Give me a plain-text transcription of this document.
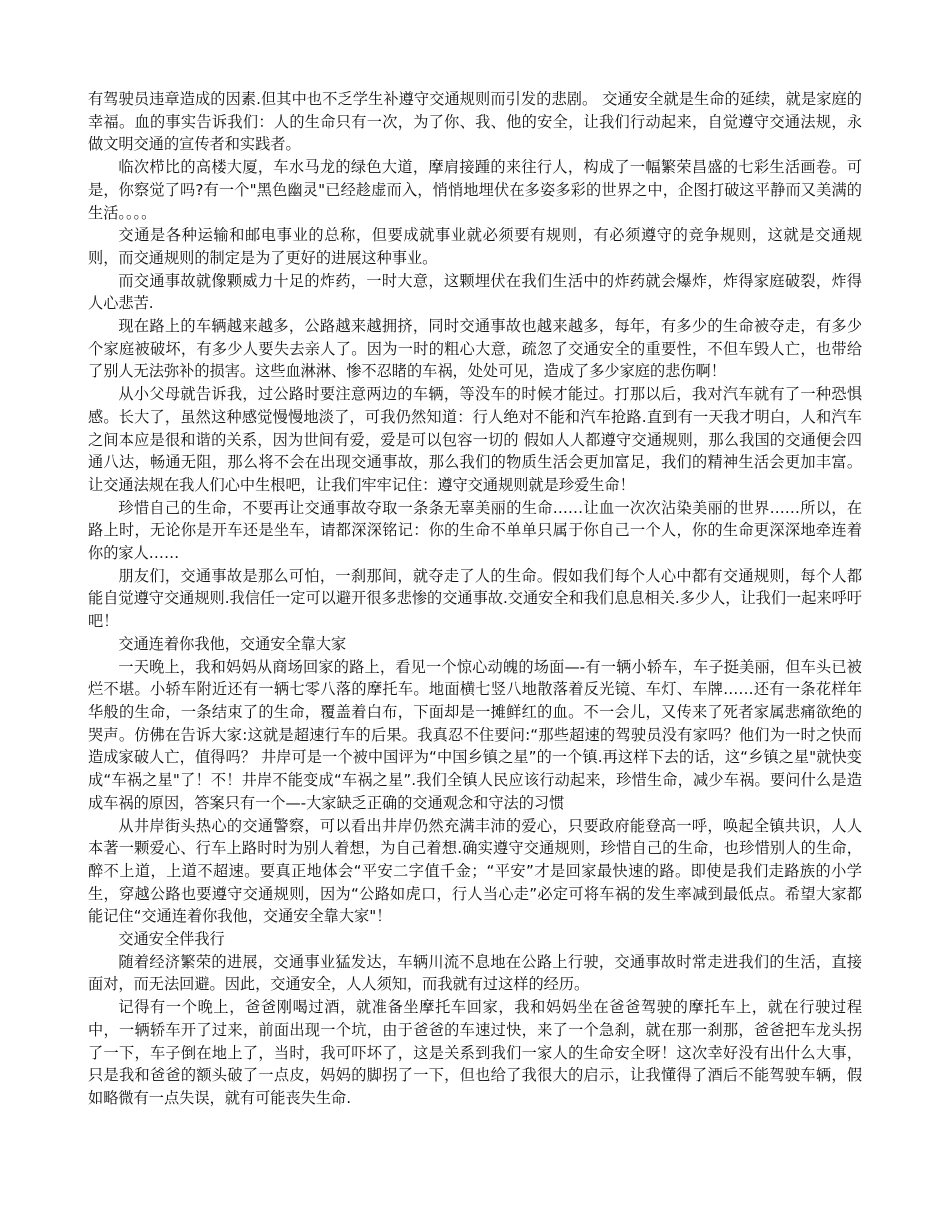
有驾驶员违章造成的因素.但其中也不乏学生补遵守交通规则而引发的悲剧。 交通安全就是生命的延续，就是家庭的幸福。血的事实告诉我们：人的生命只有一次，为了你、我、他的安全，让我们行动起来，自觉遵守交通法规，永做文明交通的宣传者和实践者。

临次栉比的高楼大厦，车水马龙的绿色大道，摩肩接踵的来往行人，构成了一幅繁荣昌盛的七彩生活画卷。可是，你察觉了吗?有一个"黑色幽灵"已经趁虚而入，悄悄地埋伏在多姿多彩的世界之中，企图打破这平静而又美满的生活。。。。

交通是各种运输和邮电事业的总称，但要成就事业就必须要有规则，有必须遵守的竞争规则，这就是交通规则，而交通规则的制定是为了更好的进展这种事业。

而交通事故就像颗威力十足的炸药，一时大意，这颗埋伏在我们生活中的炸药就会爆炸，炸得家庭破裂，炸得人心悲苦.

现在路上的车辆越来越多，公路越来越拥挤，同时交通事故也越来越多，每年，有多少的生命被夺走，有多少个家庭被破坏，有多少人要失去亲人了。因为一时的粗心大意，疏忽了交通安全的重要性，不但车毁人亡，也带给了别人无法弥补的损害。这些血淋淋、惨不忍睹的车祸，处处可见，造成了多少家庭的悲伤啊！

从小父母就告诉我，过公路时要注意两边的车辆，等没车的时候才能过。打那以后，我对汽车就有了一种恐惧感。长大了，虽然这种感觉慢慢地淡了，可我仍然知道：行人绝对不能和汽车抢路.直到有一天我才明白，人和汽车之间本应是很和谐的关系，因为世间有爱，爱是可以包容一切的 假如人人都遵守交通规则，那么我国的交通便会四通八达，畅通无阻，那么将不会在出现交通事故，那么我们的物质生活会更加富足，我们的精神生活会更加丰富。让交通法规在我人们心中生根吧，让我们牢牢记住：遵守交通规则就是珍爱生命！

珍惜自己的生命，不要再让交通事故夺取一条条无辜美丽的生命……让血一次次沾染美丽的世界……所以，在路上时，无论你是开车还是坐车，请都深深铭记：你的生命不单单只属于你自己一个人，你的生命更深深地牵连着你的家人……

朋友们，交通事故是那么可怕，一刹那间，就夺走了人的生命。假如我们每个人心中都有交通规则，每个人都能自觉遵守交通规则.我信任一定可以避开很多悲惨的交通事故.交通安全和我们息息相关.多少人，让我们一起来呼吁吧！

交通连着你我他，交通安全靠大家

一天晚上，我和妈妈从商场回家的路上，看见一个惊心动魄的场面—-有一辆小轿车，车子挺美丽，但车头已被烂不堪。小轿车附近还有一辆七零八落的摩托车。地面横七竖八地散落着反光镜、车灯、车牌……还有一条花样年华般的生命，一条结束了的生命，覆盖着白布，下面却是一摊鲜红的血。不一会儿，又传来了死者家属悲痛欲绝的哭声。仿佛在告诉大家:这就是超速行车的后果。我真忍不住要问:“那些超速的驾驶员没有家吗？他们为一时之快而造成家破人亡，值得吗？ 井岸可是一个被中国评为“中国乡镇之星”的一个镇.再这样下去的话，这“乡镇之星"就快变成“车祸之星"了！不！井岸不能变成“车祸之星”.我们全镇人民应该行动起来，珍惜生命，减少车祸。要问什么是造成车祸的原因，答案只有一个—-大家缺乏正确的交通观念和守法的习惯

从井岸街头热心的交通警察，可以看出井岸仍然充满丰沛的爱心，只要政府能登高一呼，唤起全镇共识，人人本著一颗爱心、行车上路时时为别人着想，为自己着想.确实遵守交通规则，珍惜自己的生命，也珍惜别人的生命，醉不上道，上道不超速。要真正地体会“平安二字值千金；“平安”才是回家最快速的路。即使是我们走路族的小学生，穿越公路也要遵守交通规则，因为“公路如虎口，行人当心走”必定可将车祸的发生率减到最低点。希望大家都能记住“交通连着你我他，交通安全靠大家"！

交通安全伴我行

随着经济繁荣的进展，交通事业猛发达，车辆川流不息地在公路上行驶，交通事故时常走进我们的生活，直接面对，而无法回避。因此，交通安全，人人须知，而我就有过这样的经历。

记得有一个晚上，爸爸刚喝过酒，就准备坐摩托车回家，我和妈妈坐在爸爸驾驶的摩托车上，就在行驶过程中，一辆轿车开了过来，前面出现一个坑，由于爸爸的车速过快，来了一个急刹，就在那一刹那，爸爸把车龙头拐了一下，车子倒在地上了，当时，我可吓坏了，这是关系到我们一家人的生命安全呀！这次幸好没有出什么大事，只是我和爸爸的额头破了一点皮，妈妈的脚拐了一下，但也给了我很大的启示，让我懂得了酒后不能驾驶车辆，假如略微有一点失误，就有可能丧失生命.
